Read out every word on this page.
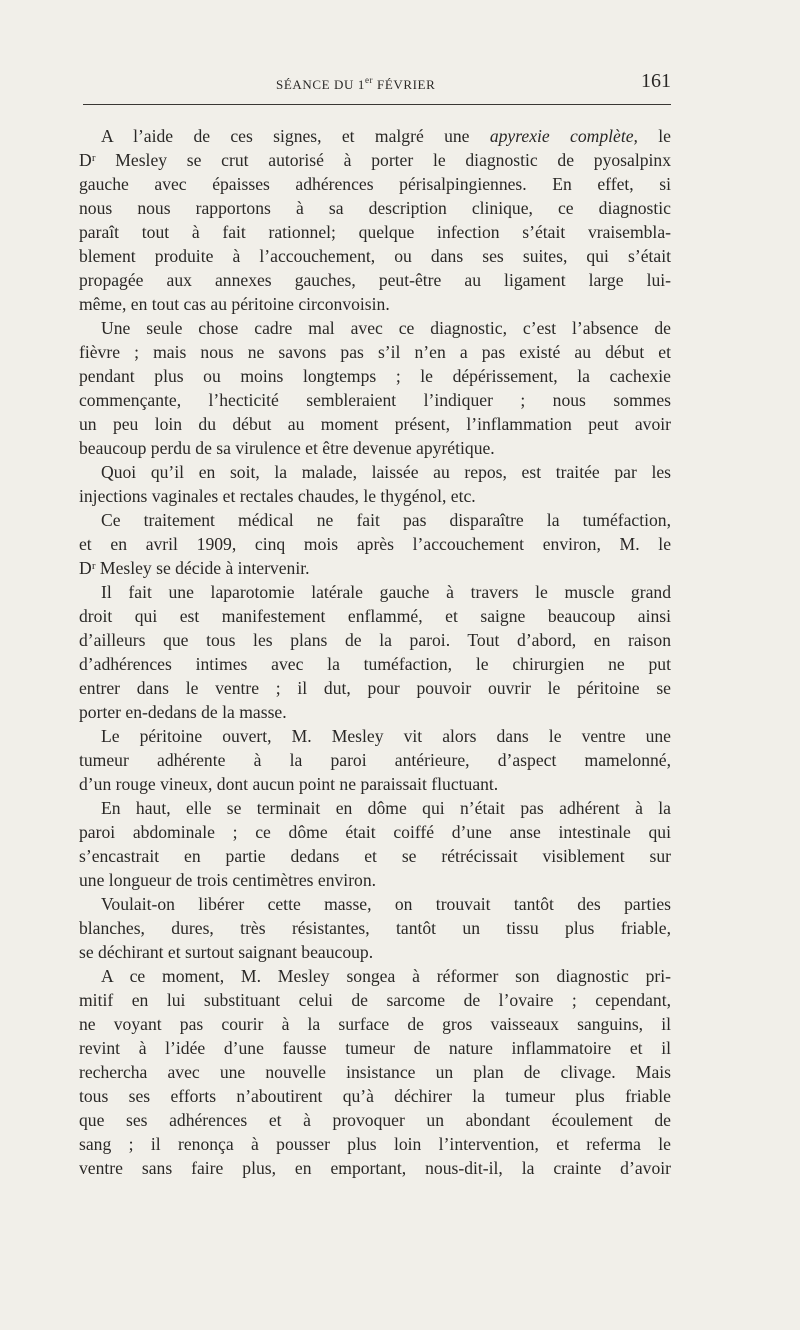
SÉANCE DU 1er FÉVRIER	161

A l’aide de ces signes, et malgré une apyrexie complète, le

Dʳ Mesley se crut autorisé à porter le diagnostic de pyosalpinx

gauche avec épaisses adhérences périsalpingiennes. En effet, si

nous nous rapportons à sa description clinique, ce diagnostic

paraît tout à fait rationnel; quelque infection s’était vraisembla-

blement produite à l’accouchement, ou dans ses suites, qui s’était

propagée aux annexes gauches, peut-être au ligament large lui-

même, en tout cas au péritoine circonvoisin.

Une seule chose cadre mal avec ce diagnostic, c’est l’absence de

fièvre ; mais nous ne savons pas s’il n’en a pas existé au début et

pendant plus ou moins longtemps ; le dépérissement, la cachexie

commençante, l’hecticité sembleraient l’indiquer ; nous sommes

un peu loin du début au moment présent, l’inflammation peut avoir

beaucoup perdu de sa virulence et être devenue apyrétique.

Quoi qu’il en soit, la malade, laissée au repos, est traitée par les

injections vaginales et rectales chaudes, le thygénol, etc.

Ce traitement médical ne fait pas disparaître la tuméfaction,

et en avril 1909, cinq mois après l’accouchement environ, M. le

Dʳ Mesley se décide à intervenir.

Il fait une laparotomie latérale gauche à travers le muscle grand

droit qui est manifestement enflammé, et saigne beaucoup ainsi

d’ailleurs que tous les plans de la paroi. Tout d’abord, en raison

d’adhérences intimes avec la tuméfaction, le chirurgien ne put

entrer dans le ventre ; il dut, pour pouvoir ouvrir le péritoine se

porter en-dedans de la masse.

Le péritoine ouvert, M. Mesley vit alors dans le ventre une

tumeur adhérente à la paroi antérieure, d’aspect mamelonné,

d’un rouge vineux, dont aucun point ne paraissait fluctuant.

En haut, elle se terminait en dôme qui n’était pas adhérent à la

paroi abdominale ; ce dôme était coiffé d’une anse intestinale qui

s’encastrait en partie dedans et se rétrécissait visiblement sur

une longueur de trois centimètres environ.

Voulait-on libérer cette masse, on trouvait tantôt des parties

blanches, dures, très résistantes, tantôt un tissu plus friable,

se déchirant et surtout saignant beaucoup.

A ce moment, M. Mesley songea à réformer son diagnostic pri-

mitif en lui substituant celui de sarcome de l’ovaire ; cependant,

ne voyant pas courir à la surface de gros vaisseaux sanguins, il

revint à l’idée d’une fausse tumeur de nature inflammatoire et il

rechercha avec une nouvelle insistance un plan de clivage. Mais

tous ses efforts n’aboutirent qu’à déchirer la tumeur plus friable

que ses adhérences et à provoquer un abondant écoulement de

sang ; il renonça à pousser plus loin l’intervention, et referma le

ventre sans faire plus, en emportant, nous-dit-il, la crainte d’avoir
